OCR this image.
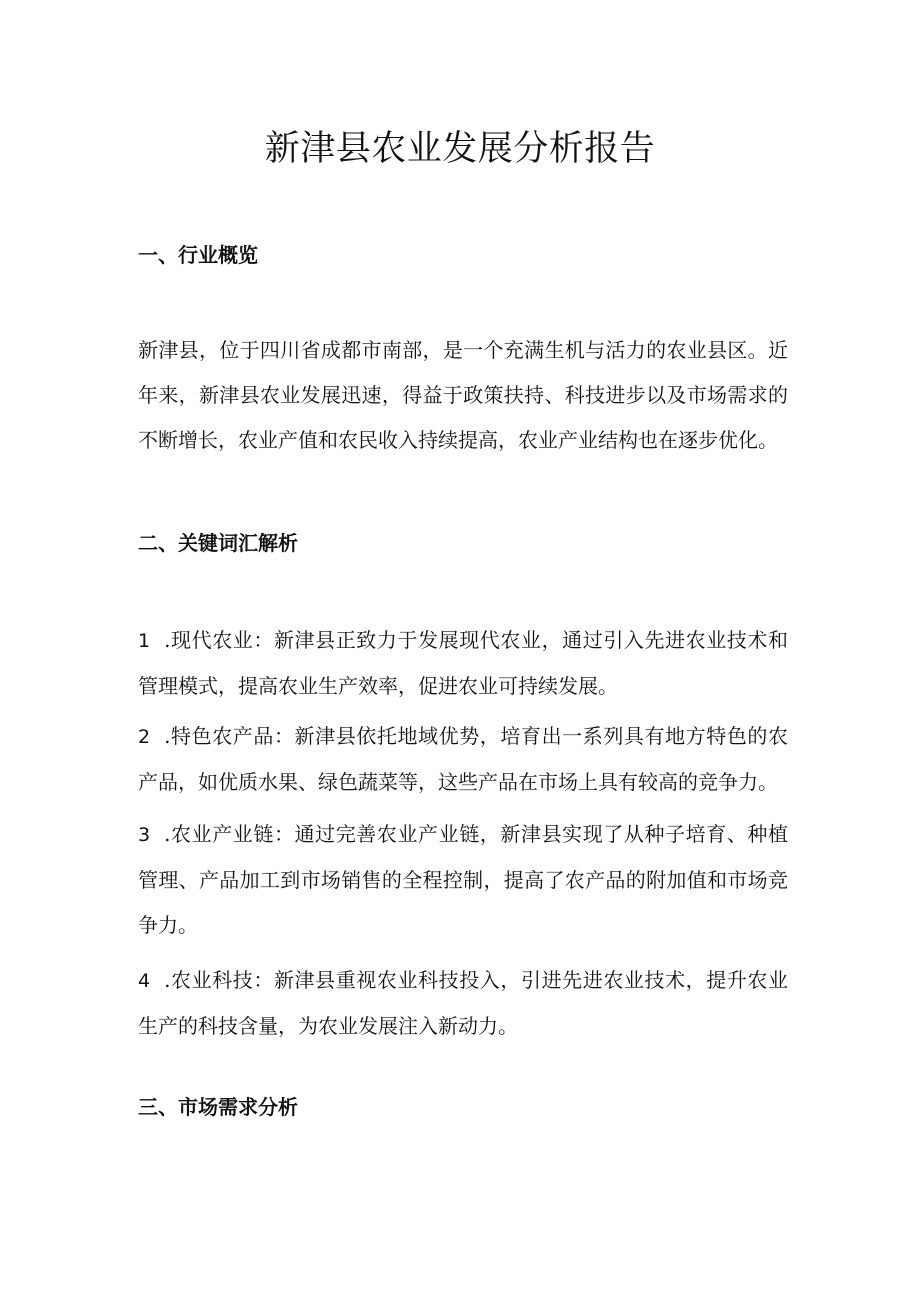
新津县农业发展分析报告
一、行业概览

新津县，位于四川省成都市南部，是一个充满生机与活力的农业县区。近年来，新津县农业发展迅速，得益于政策扶持、科技进步以及市场需求的不断增长，农业产值和农民收入持续提高，农业产业结构也在逐步优化。

二、关键词汇解析

1 .现代农业：新津县正致力于发展现代农业，通过引入先进农业技术和管理模式，提高农业生产效率，促进农业可持续发展。

2 .特色农产品：新津县依托地域优势，培育出一系列具有地方特色的农产品，如优质水果、绿色蔬菜等，这些产品在市场上具有较高的竞争力。

3 .农业产业链：通过完善农业产业链，新津县实现了从种子培育、种植管理、产品加工到市场销售的全程控制，提高了农产品的附加值和市场竞争力。

4 .农业科技：新津县重视农业科技投入，引进先进农业技术，提升农业生产的科技含量，为农业发展注入新动力。

三、市场需求分析
